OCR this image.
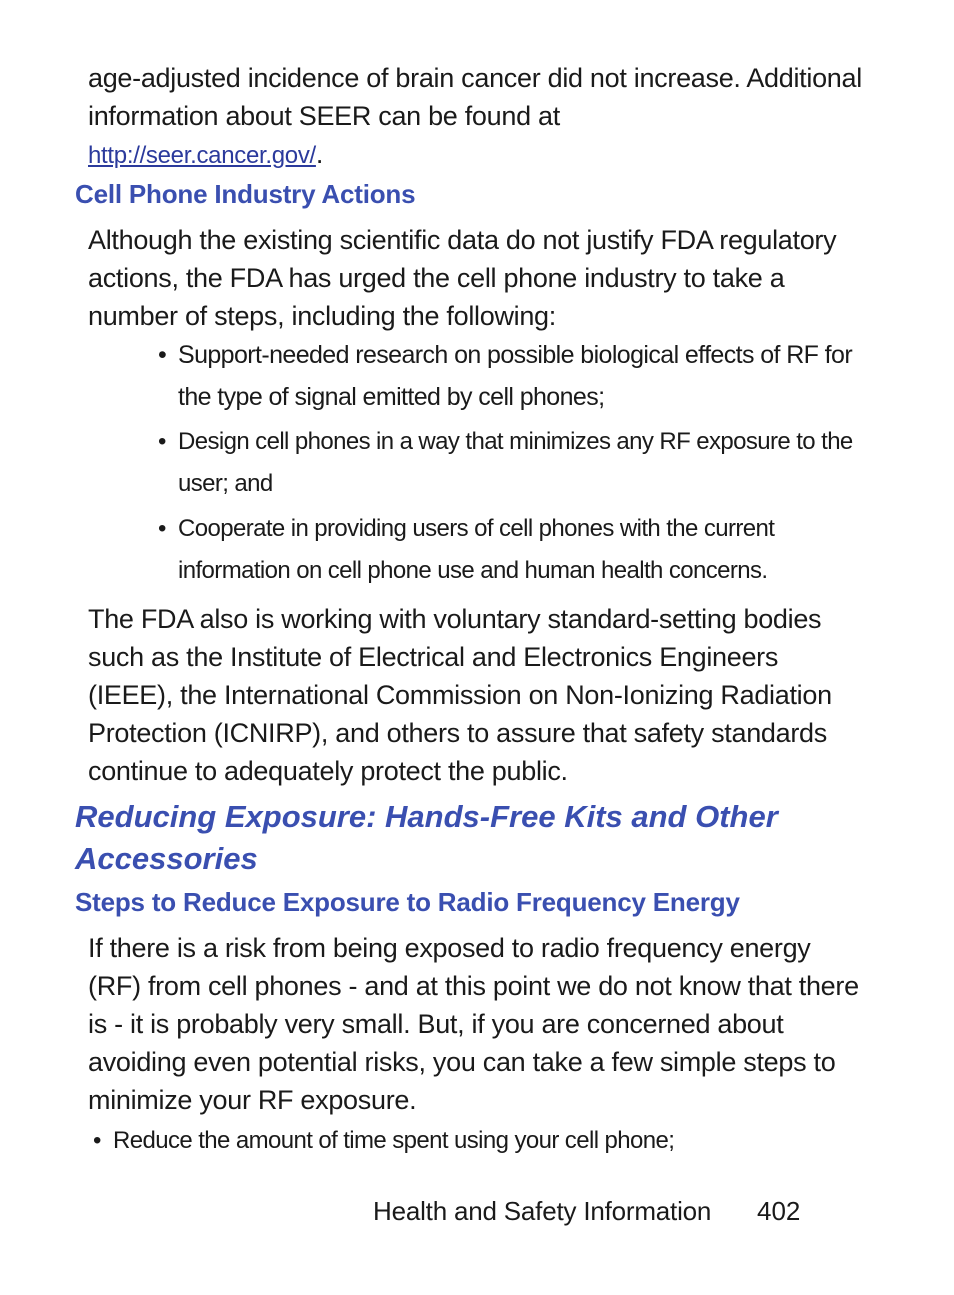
age-adjusted incidence of brain cancer did not increase. Additional
information about SEER can be found at
http://seer.cancer.gov/.
Cell Phone Industry Actions
Although the existing scientific data do not justify FDA regulatory actions, the FDA has urged the cell phone industry to take a number of steps, including the following:
• Support-needed research on possible biological effects of RF for the type of signal emitted by cell phones;
• Design cell phones in a way that minimizes any RF exposure to the user; and
• Cooperate in providing users of cell phones with the current information on cell phone use and human health concerns.
The FDA also is working with voluntary standard-setting bodies such as the Institute of Electrical and Electronics Engineers (IEEE), the International Commission on Non-Ionizing Radiation Protection (ICNIRP), and others to assure that safety standards continue to adequately protect the public.
Reducing Exposure: Hands-Free Kits and Other Accessories
Steps to Reduce Exposure to Radio Frequency Energy
If there is a risk from being exposed to radio frequency energy (RF) from cell phones - and at this point we do not know that there is - it is probably very small. But, if you are concerned about avoiding even potential risks, you can take a few simple steps to minimize your RF exposure.
• Reduce the amount of time spent using your cell phone;
Health and Safety Information 402
